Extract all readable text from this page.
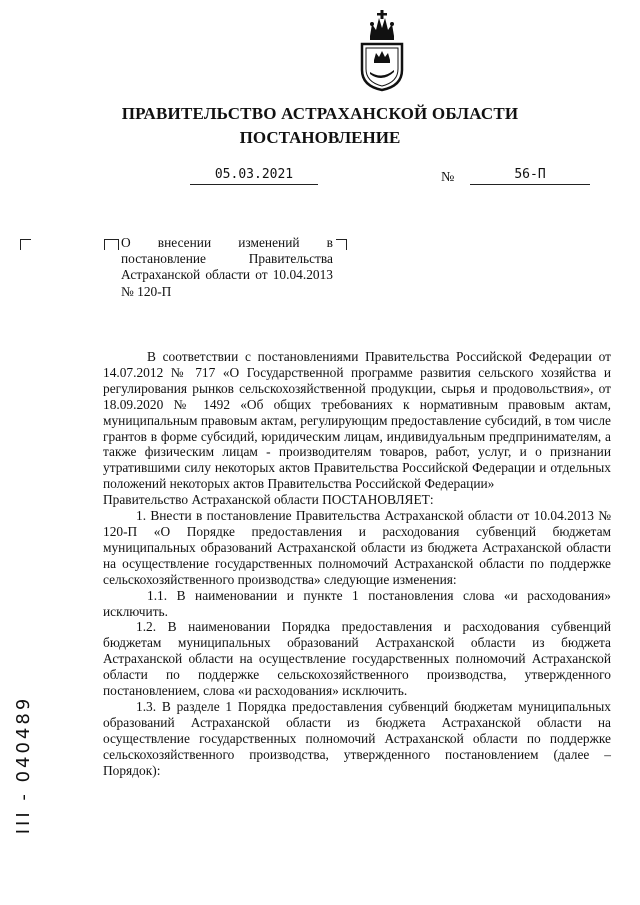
ПРАВИТЕЛЬСТВО АСТРАХАНСКОЙ ОБЛАСТИ
ПОСТАНОВЛЕНИЕ
05.03.2021	№	56-П
О внесении изменений в постановление Правительства Астраханской области от 10.04.2013 № 120-П

В соответствии с постановлениями Правительства Российской Федерации от 14.07.2012 № 717 «О Государственной программе развития сельского хозяйства и регулирования рынков сельскохозяйственной продукции, сырья и продовольствия», от 18.09.2020 № 1492 «Об общих требованиях к нормативным правовым актам, муниципальным правовым актам, регулирующим предоставление субсидий, в том числе грантов в форме субсидий, юридическим лицам, индивидуальным предпринимателям, а также физическим лицам - производителям товаров, работ, услуг, и о признании утратившими силу некоторых актов Правительства Российской Федерации и отдельных положений некоторых актов Правительства Российской Федерации»

Правительство Астраханской области ПОСТАНОВЛЯЕТ:

1. Внести в постановление Правительства Астраханской области от 10.04.2013 № 120-П «О Порядке предоставления и расходования субвенций бюджетам муниципальных образований Астраханской области из бюджета Астраханской области на осуществление государственных полномочий Астраханской области по поддержке сельскохозяйственного производства» следующие изменения:

1.1. В наименовании и пункте 1 постановления слова «и расходования» исключить.

1.2. В наименовании Порядка предоставления и расходования субвенций бюджетам муниципальных образований Астраханской области из бюджета Астраханской области на осуществление государственных полномочий Астраханской области по поддержке сельскохозяйственного производства, утвержденного постановлением, слова «и расходования» исключить.

1.3. В разделе 1 Порядка предоставления субвенций бюджетам муниципальных образований Астраханской области из бюджета Астраханской области на осуществление государственных полномочий Астраханской области по поддержке сельскохозяйственного производства, утвержденного постановлением (далее – Порядок):

III - 040489
